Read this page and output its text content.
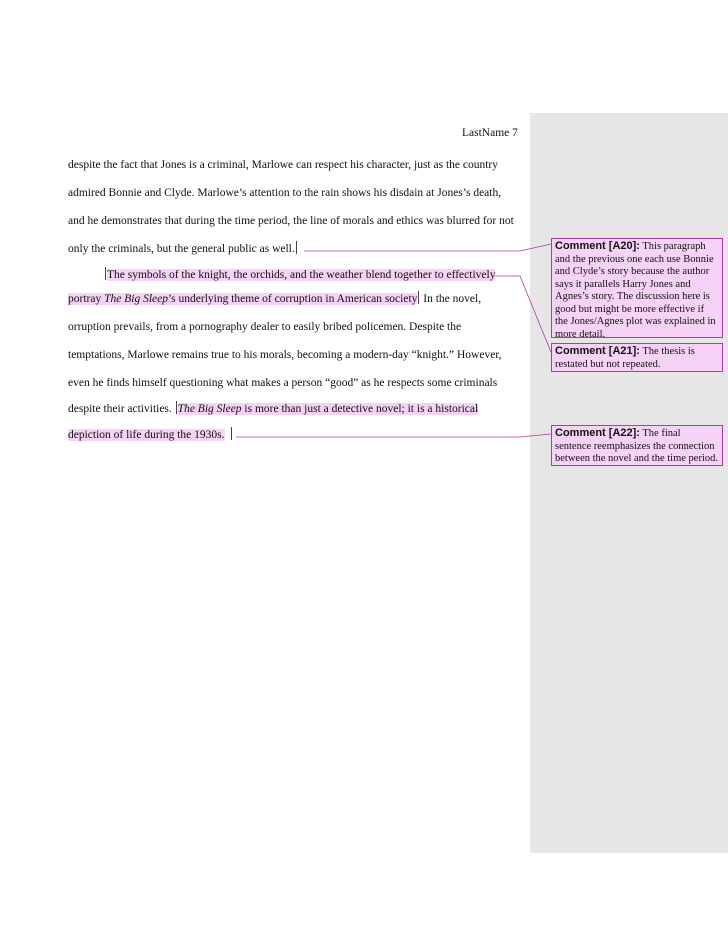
LastName 7
despite the fact that Jones is a criminal, Marlowe can respect his character, just as the country
admired Bonnie and Clyde. Marlowe’s attention to the rain shows his disdain at Jones’s death,
and he demonstrates that during the time period, the line of morals and ethics was blurred for not
only the criminals, but the general public as well.
The symbols of the knight, the orchids, and the weather blend together to effectively
portray The Big Sleep’s underlying theme of corruption in American society In the novel,
orruption prevails, from a pornography dealer to easily bribed policemen. Despite the
temptations, Marlowe remains true to his morals, becoming a modern-day “knight.” However,
even he finds himself questioning what makes a person “good” as he respects some criminals
despite their activities. The Big Sleep is more than just a detective novel; it is a historical
depiction of life during the 1930s.
Comment [A20]: This paragraph and the previous one each use Bonnie and Clyde’s story because the author says it parallels Harry Jones and Agnes’s story. The discussion here is good but might be more effective if the Jones/Agnes plot was explained in more detail.
Comment [A21]: The thesis is restated but not repeated.
Comment [A22]: The final sentence reemphasizes the connection between the novel and the time period.
